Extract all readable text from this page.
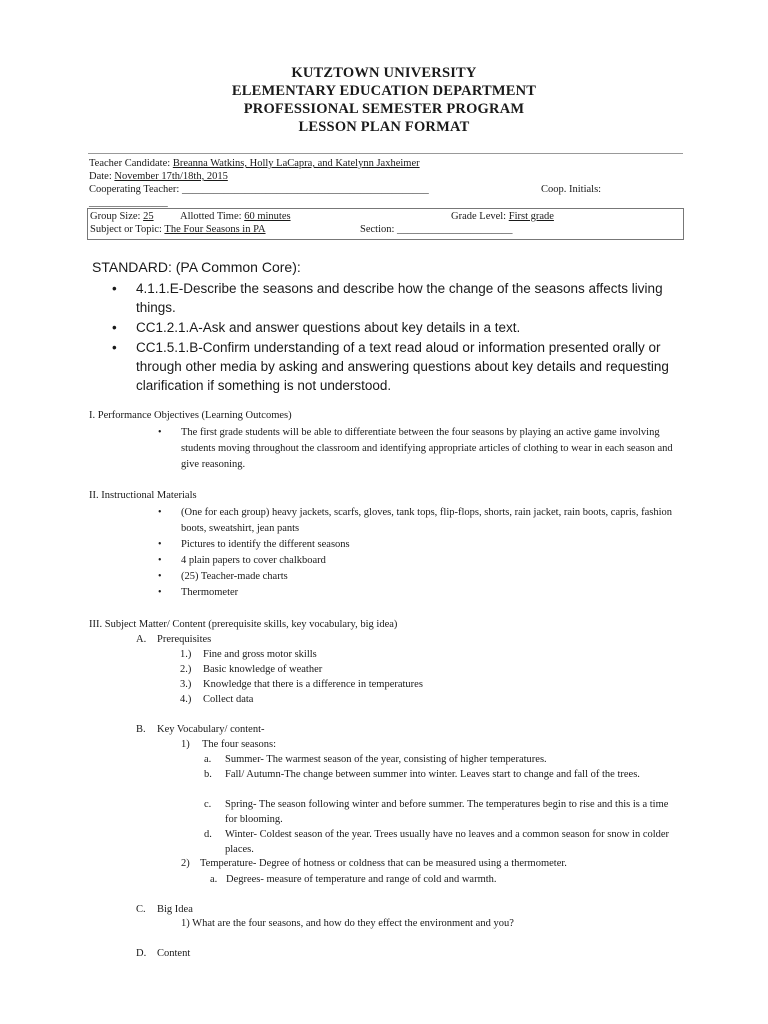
KUTZTOWN UNIVERSITY
ELEMENTARY EDUCATION DEPARTMENT
PROFESSIONAL SEMESTER PROGRAM
LESSON PLAN FORMAT
Teacher Candidate: Breanna Watkins, Holly LaCapra, and Katelynn Jaxheimer
Date: November 17th/18th, 2015
Cooperating Teacher: _______________________________________________	Coop. Initials:
_______________
Group Size: 25	Allotted Time: 60 minutes	Grade Level: First grade
Subject or Topic: The Four Seasons in PA	Section: ______________________
STANDARD: (PA Common Core):
• 4.1.1.E-Describe the seasons and describe how the change of the seasons affects living things.
• CC1.2.1.A-Ask and answer questions about key details in a text.
• CC1.5.1.B-Confirm understanding of a text read aloud or information presented orally or through other media by asking and answering questions about key details and requesting clarification if something is not understood.
I. Performance Objectives (Learning Outcomes)
• The first grade students will be able to differentiate between the four seasons by playing an active game involving students moving throughout the classroom and identifying appropriate articles of clothing to wear in each season and give reasoning.
II. Instructional Materials
• (One for each group) heavy jackets, scarfs, gloves, tank tops, flip-flops, shorts, rain jacket, rain boots, capris, fashion boots, sweatshirt, jean pants
• Pictures to identify the different seasons
• 4 plain papers to cover chalkboard
• (25) Teacher-made charts
• Thermometer
III. Subject Matter/ Content (prerequisite skills, key vocabulary, big idea)
A. Prerequisites
1.) Fine and gross motor skills
2.) Basic knowledge of weather
3.) Knowledge that there is a difference in temperatures
4.) Collect data
B. Key Vocabulary/ content-
1) The four seasons:
a. Summer- The warmest season of the year, consisting of higher temperatures.
b. Fall/ Autumn-The change between summer into winter. Leaves start to change and fall of the trees.
c. Spring- The season following winter and before summer. The temperatures begin to rise and this is a time for blooming.
d. Winter- Coldest season of the year. Trees usually have no leaves and a common season for snow in colder places.
2) Temperature- Degree of hotness or coldness that can be measured using a thermometer.
a. Degrees- measure of temperature and range of cold and warmth.
C. Big Idea
1) What are the four seasons, and how do they effect the environment and you?
D. Content
